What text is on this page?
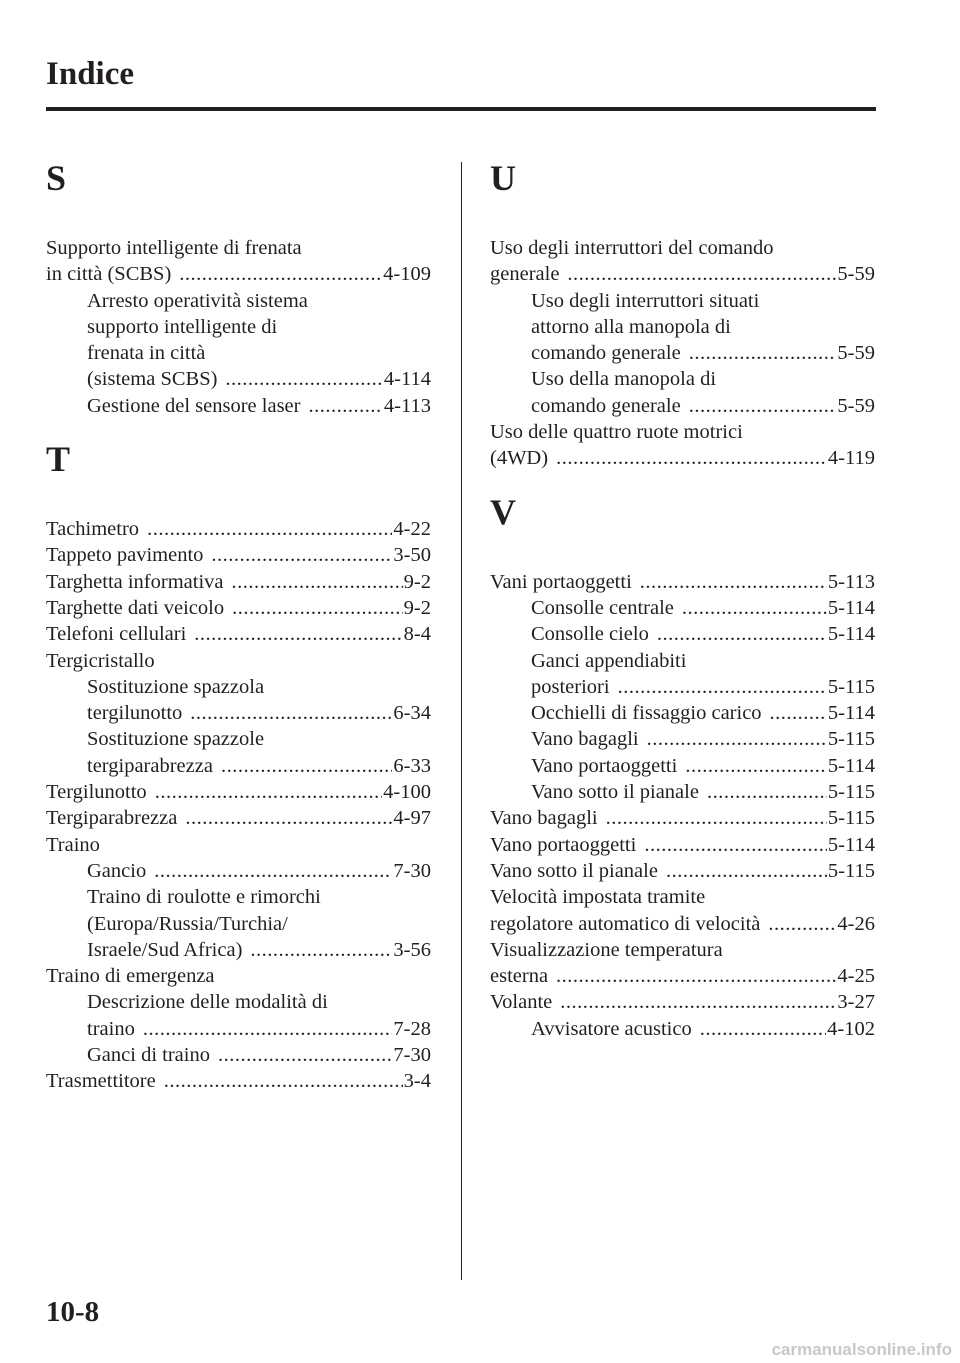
Indice
S
Supporto intelligente di frenata
in città (SCBS) .....	4-109
Arresto operatività sistema
supporto intelligente di
frenata in città
(sistema SCBS) .....	4-114
Gestione del sensore laser .....	4-113
T
Tachimetro .....	4-22
Tappeto pavimento .....	3-50
Targhetta informativa .....	9-2
Targhette dati veicolo .....	9-2
Telefoni cellulari .....	8-4
Tergicristallo
Sostituzione spazzola
tergilunotto .....	6-34
Sostituzione spazzole
tergiparabrezza .....	6-33
Tergilunotto .....	4-100
Tergiparabrezza .....	4-97
Traino
Gancio .....	7-30
Traino di roulotte e rimorchi
(Europa/Russia/Turchia/
Israele/Sud Africa) .....	3-56
Traino di emergenza
Descrizione delle modalità di
traino .....	7-28
Ganci di traino .....	7-30
Trasmettitore .....	3-4
U
Uso degli interruttori del comando
generale .....	5-59
Uso degli interruttori situati
attorno alla manopola di
comando generale .....	5-59
Uso della manopola di
comando generale .....	5-59
Uso delle quattro ruote motrici
(4WD) .....	4-119
V
Vani portaoggetti .....	5-113
Consolle centrale .....	5-114
Consolle cielo .....	5-114
Ganci appendiabiti
posteriori .....	5-115
Occhielli di fissaggio carico .....	5-114
Vano bagagli .....	5-115
Vano portaoggetti .....	5-114
Vano sotto il pianale .....	5-115
Vano bagagli .....	5-115
Vano portaoggetti .....	5-114
Vano sotto il pianale .....	5-115
Velocità impostata tramite
regolatore automatico di velocità .....	4-26
Visualizzazione temperatura
esterna .....	4-25
Volante .....	3-27
Avvisatore acustico .....	4-102
10-8
carmanualsonline.info
